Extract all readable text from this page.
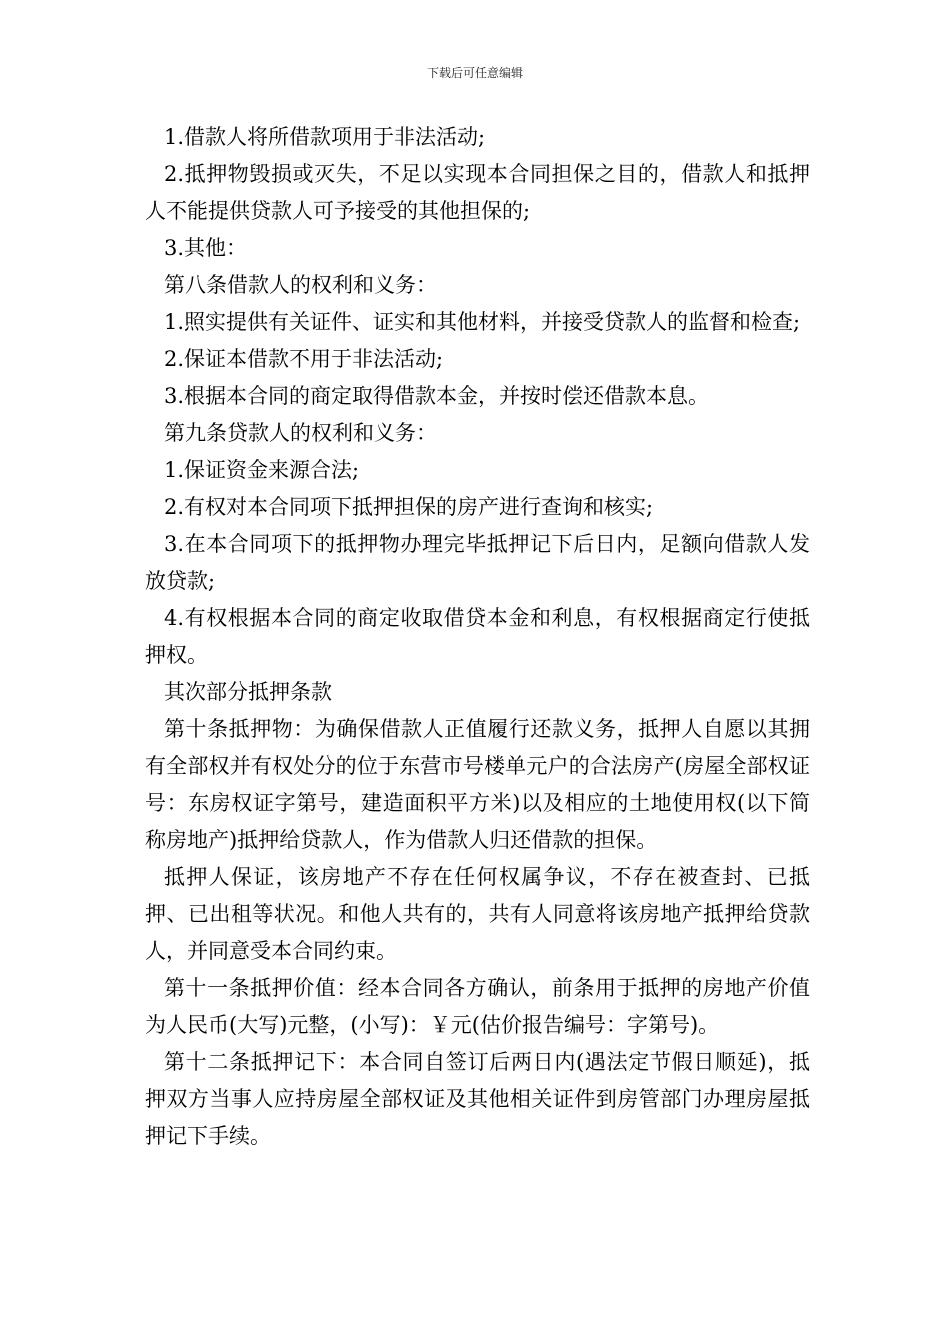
下载后可任意编辑

1.借款人将所借款项用于非法活动;

2.抵押物毁损或灭失，不足以实现本合同担保之目的，借款人和抵押人不能提供贷款人可予接受的其他担保的;

3.其他：

第八条借款人的权利和义务：

1.照实提供有关证件、证实和其他材料，并接受贷款人的监督和检查;

2.保证本借款不用于非法活动;

3.根据本合同的商定取得借款本金，并按时偿还借款本息。

第九条贷款人的权利和义务：

1.保证资金来源合法;

2.有权对本合同项下抵押担保的房产进行查询和核实;

3.在本合同项下的抵押物办理完毕抵押记下后日内，足额向借款人发放贷款;

4.有权根据本合同的商定收取借贷本金和利息，有权根据商定行使抵押权。

其次部分抵押条款

第十条抵押物：为确保借款人正值履行还款义务，抵押人自愿以其拥有全部权并有权处分的位于东营市号楼单元户的合法房产(房屋全部权证号：东房权证字第号，建造面积平方米)以及相应的土地使用权(以下简称房地产)抵押给贷款人，作为借款人归还借款的担保。

抵押人保证，该房地产不存在任何权属争议，不存在被查封、已抵押、已出租等状况。和他人共有的，共有人同意将该房地产抵押给贷款人，并同意受本合同约束。

第十一条抵押价值：经本合同各方确认，前条用于抵押的房地产价值为人民币(大写)元整，(小写)：￥元(估价报告编号：字第号)。

第十二条抵押记下：本合同自签订后两日内(遇法定节假日顺延)，抵押双方当事人应持房屋全部权证及其他相关证件到房管部门办理房屋抵押记下手续。
